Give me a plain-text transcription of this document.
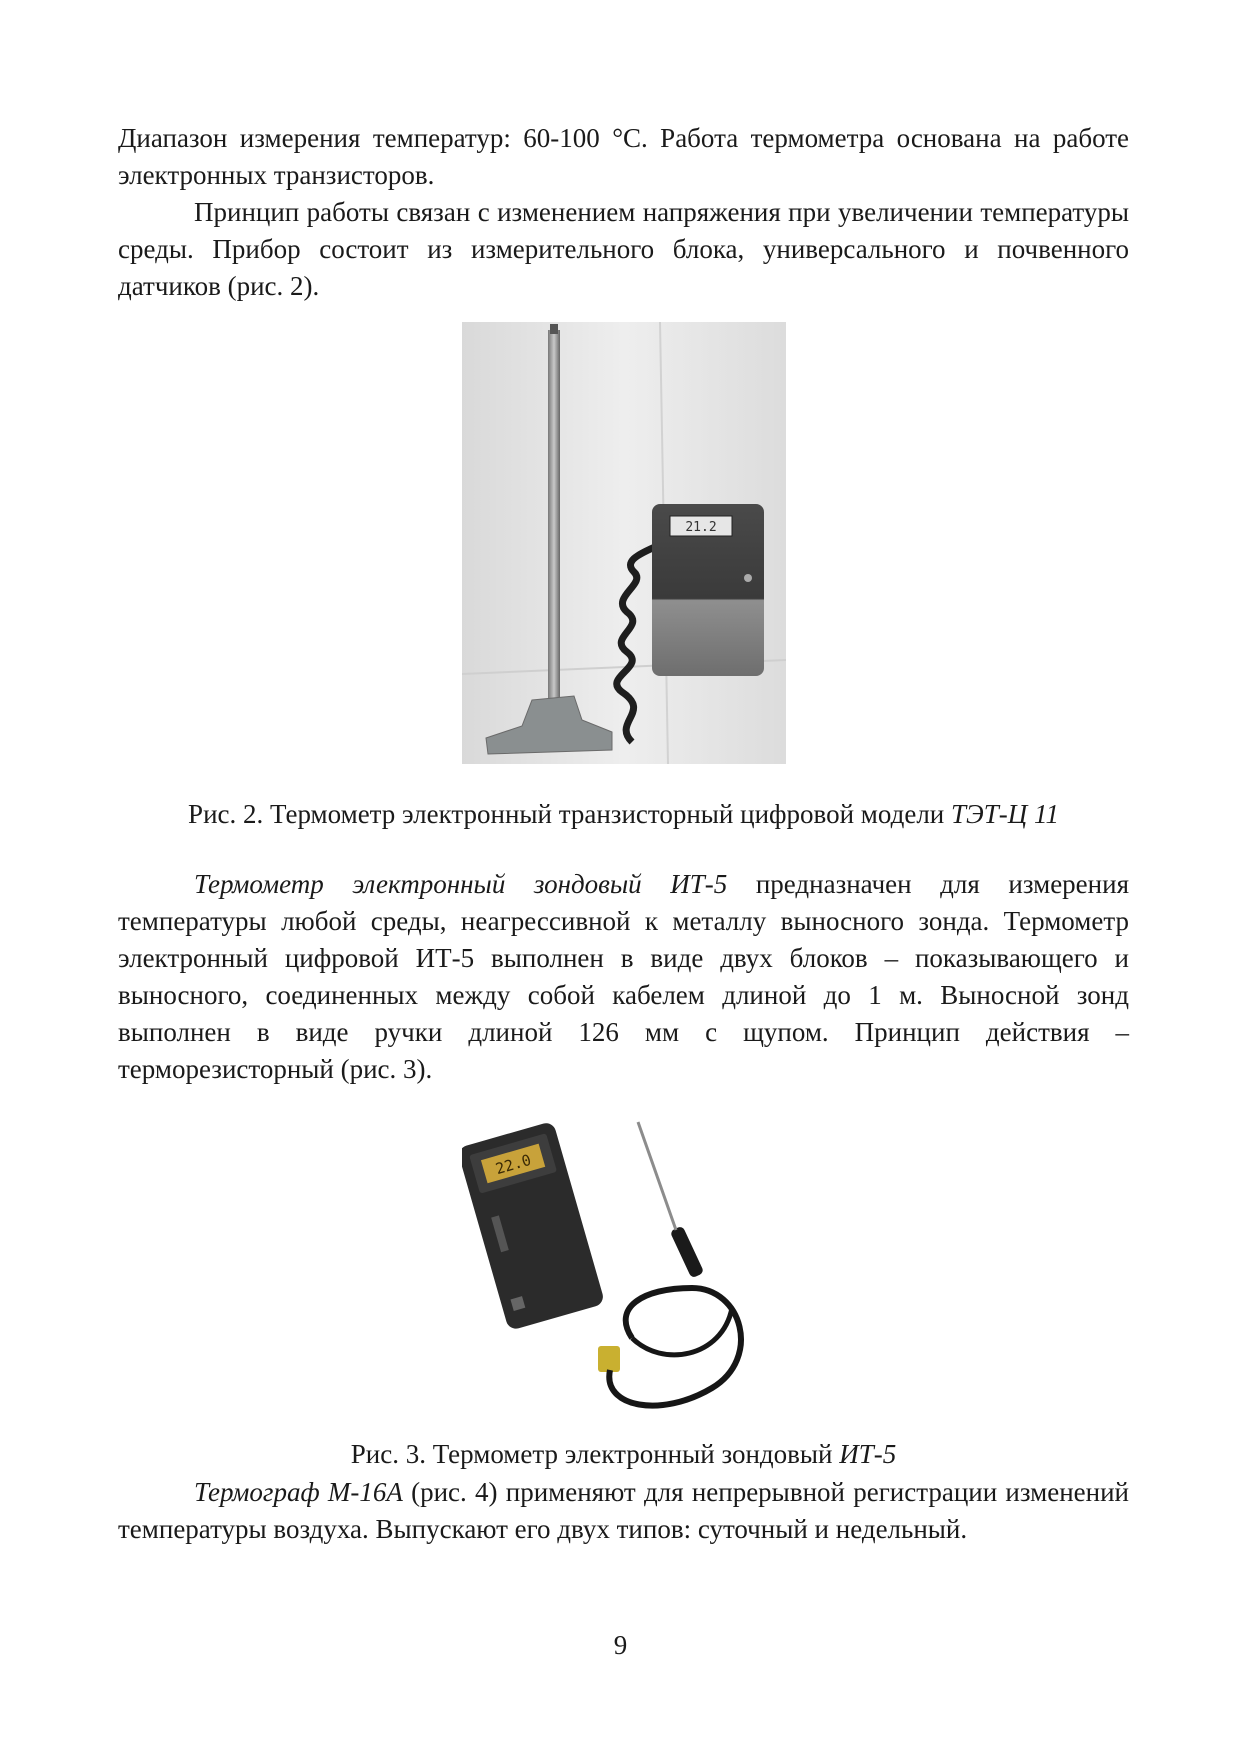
Диапазон измерения температур: 60-100 °С. Работа термометра основана на работе электронных транзисторов.

Принцип работы связан с изменением напряжения при увеличении температуры среды. Прибор состоит из измерительного блока, универсального и почвенного датчиков (рис. 2).

21.2

Рис. 2. Термометр электронный транзисторный цифровой модели ТЭТ-Ц 11

Термометр электронный зондовый ИТ-5 предназначен для измерения температуры любой среды, неагрессивной к металлу выносного зонда. Термометр электронный цифровой ИТ-5 выполнен в виде двух блоков – показывающего и выносного, соединенных между собой кабелем длиной до 1 м. Выносной зонд выполнен в виде ручки длиной 126 мм с щупом. Принцип действия – терморезисторный (рис. 3).

22.0

Рис. 3. Термометр электронный зондовый ИТ-5

Термограф М-16А (рис. 4) применяют для непрерывной регистрации изменений температуры воздуха. Выпускают его двух типов: суточный и недельный.

9
